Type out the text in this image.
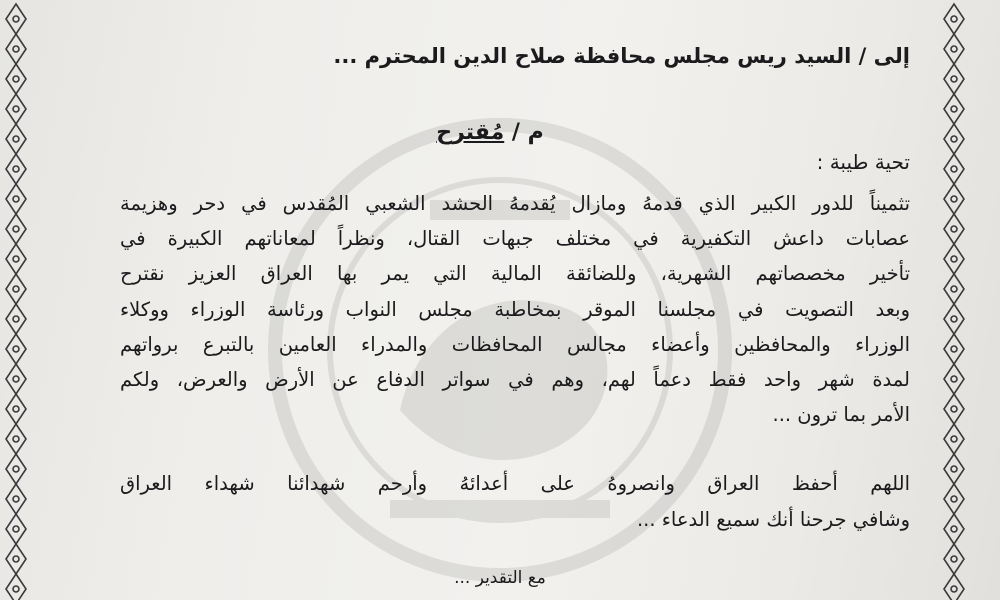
إلى / السيد ريس مجلس محافظة صلاح الدين المحترم ...
م / مُقترح
تحية طيبة :
تثميناً للدور الكبير الذي قدمهُ ومازال يُقدمهُ الحشد الشعبي المُقدس في دحر وهزيمة
عصابات داعش التكفيرية في مختلف جبهات القتال، ونظراً لمعاناتهم الكبيرة في
تأخير مخصصاتهم الشهرية، وللضائقة المالية التي يمر بها العراق العزيز نقترح
وبعد التصويت في مجلسنا الموقر بمخاطبة مجلس النواب ورئاسة الوزراء ووكلاء
الوزراء والمحافظين وأعضاء مجالس المحافظات والمدراء العامين بالتبرع برواتهم
لمدة شهر واحد فقط دعماً لهم، وهم في سواتر الدفاع عن الأرض والعرض، ولكم
الأمر بما ترون ...
اللهم أحفظ العراق وانصروهُ على أعدائهُ وأرحم شهدائنا شهداء العراق
وشافي جرحنا أنك سميع الدعاء ...
مع التقدير ...
